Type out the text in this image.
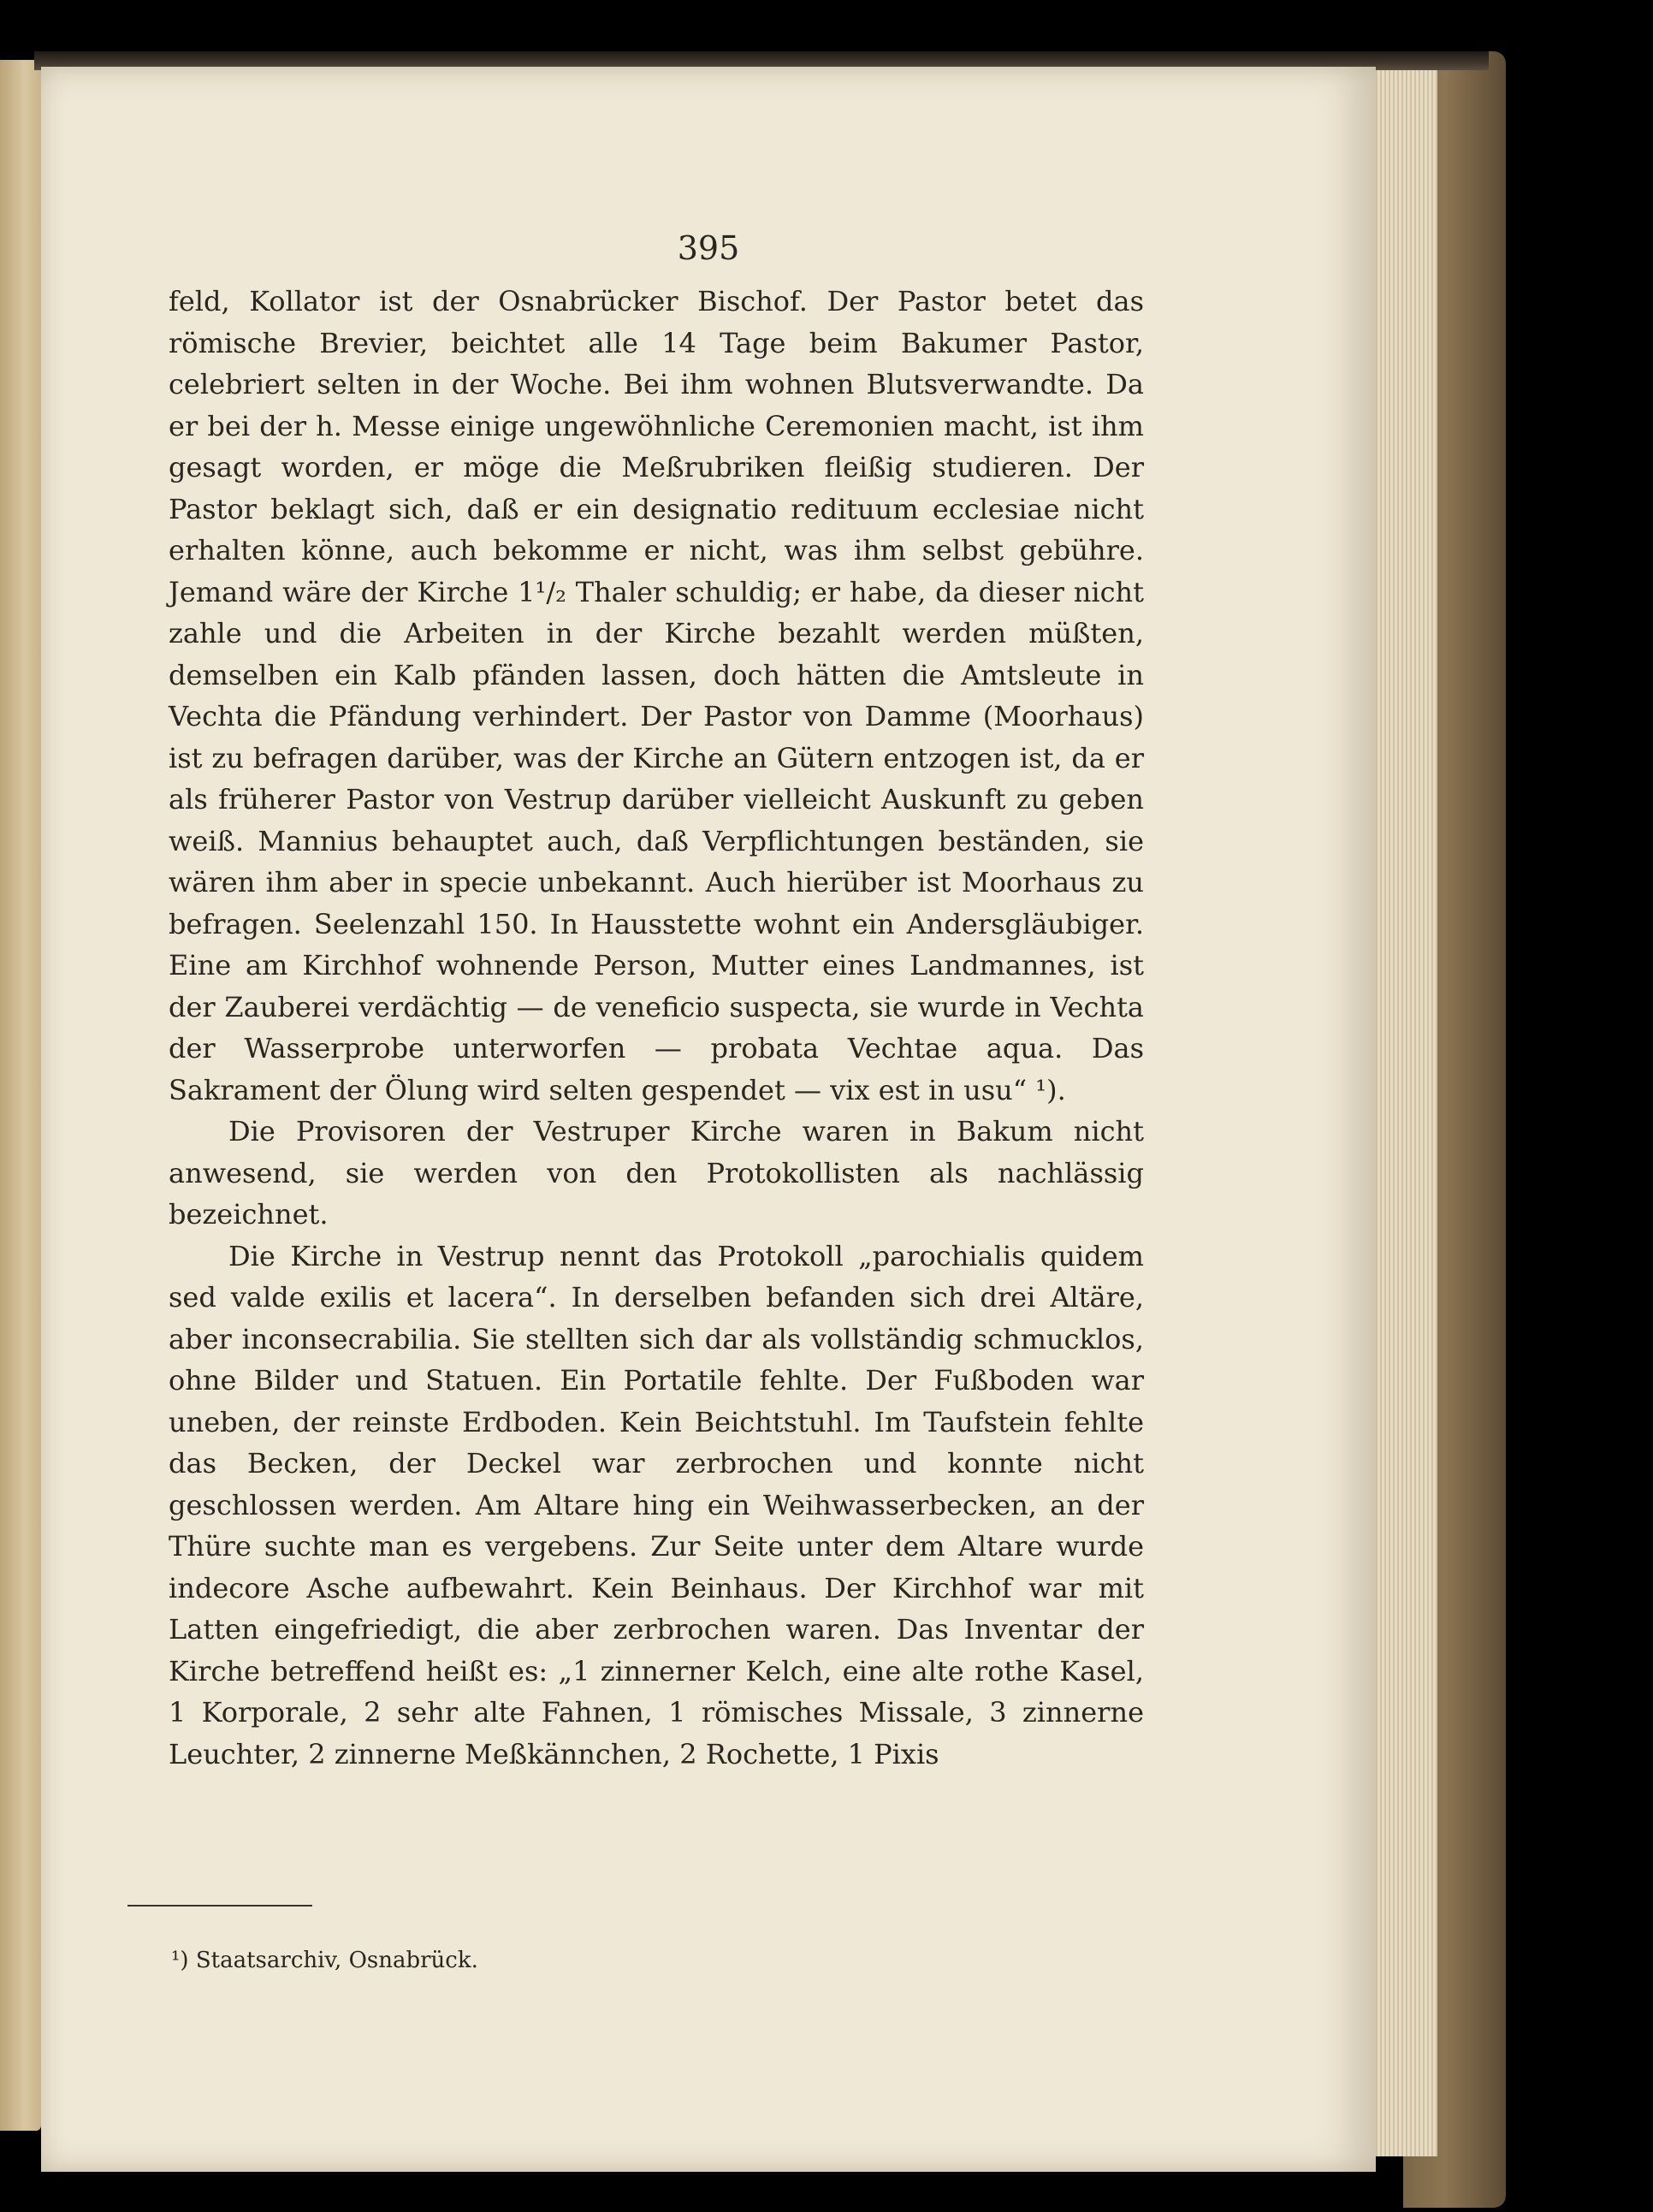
395

feld, Kollator ist der Osnabrücker Bischof. Der Pastor betet das römische Brevier, beichtet alle 14 Tage beim Bakumer Pastor, celebriert selten in der Woche. Bei ihm wohnen Blutsverwandte. Da er bei der h. Messe einige ungewöhnliche Ceremonien macht, ist ihm gesagt worden, er möge die Meßrubriken fleißig studieren. Der Pastor beklagt sich, daß er ein designatio redituum ecclesiae nicht erhalten könne, auch bekomme er nicht, was ihm selbst gebühre. Jemand wäre der Kirche 1¹/₂ Thaler schuldig; er habe, da dieser nicht zahle und die Arbeiten in der Kirche bezahlt werden müßten, demselben ein Kalb pfänden lassen, doch hätten die Amtsleute in Vechta die Pfändung verhindert. Der Pastor von Damme (Moorhaus) ist zu befragen darüber, was der Kirche an Gütern entzogen ist, da er als früherer Pastor von Vestrup darüber vielleicht Auskunft zu geben weiß. Mannius behauptet auch, daß Verpflichtungen beständen, sie wären ihm aber in specie unbekannt. Auch hierüber ist Moorhaus zu befragen. Seelenzahl 150. In Hausstette wohnt ein Andersgläubiger. Eine am Kirchhof wohnende Person, Mutter eines Landmannes, ist der Zauberei verdächtig — de veneficio suspecta, sie wurde in Vechta der Wasserprobe unterworfen — probata Vechtae aqua. Das Sakrament der Ölung wird selten gespendet — vix est in usu“ ¹).

Die Provisoren der Vestruper Kirche waren in Bakum nicht anwesend, sie werden von den Protokollisten als nachlässig bezeichnet.

Die Kirche in Vestrup nennt das Protokoll „parochialis quidem sed valde exilis et lacera“. In derselben befanden sich drei Altäre, aber inconsecrabilia. Sie stellten sich dar als vollständig schmucklos, ohne Bilder und Statuen. Ein Portatile fehlte. Der Fußboden war uneben, der reinste Erdboden. Kein Beichtstuhl. Im Taufstein fehlte das Becken, der Deckel war zerbrochen und konnte nicht geschlossen werden. Am Altare hing ein Weihwasserbecken, an der Thüre suchte man es vergebens. Zur Seite unter dem Altare wurde indecore Asche aufbewahrt. Kein Beinhaus. Der Kirchhof war mit Latten eingefriedigt, die aber zerbrochen waren. Das Inventar der Kirche betreffend heißt es: „1 zinnerner Kelch, eine alte rothe Kasel, 1 Korporale, 2 sehr alte Fahnen, 1 römisches Missale, 3 zinnerne Leuchter, 2 zinnerne Meßkännchen, 2 Rochette, 1 Pixis

¹) Staatsarchiv, Osnabrück.
